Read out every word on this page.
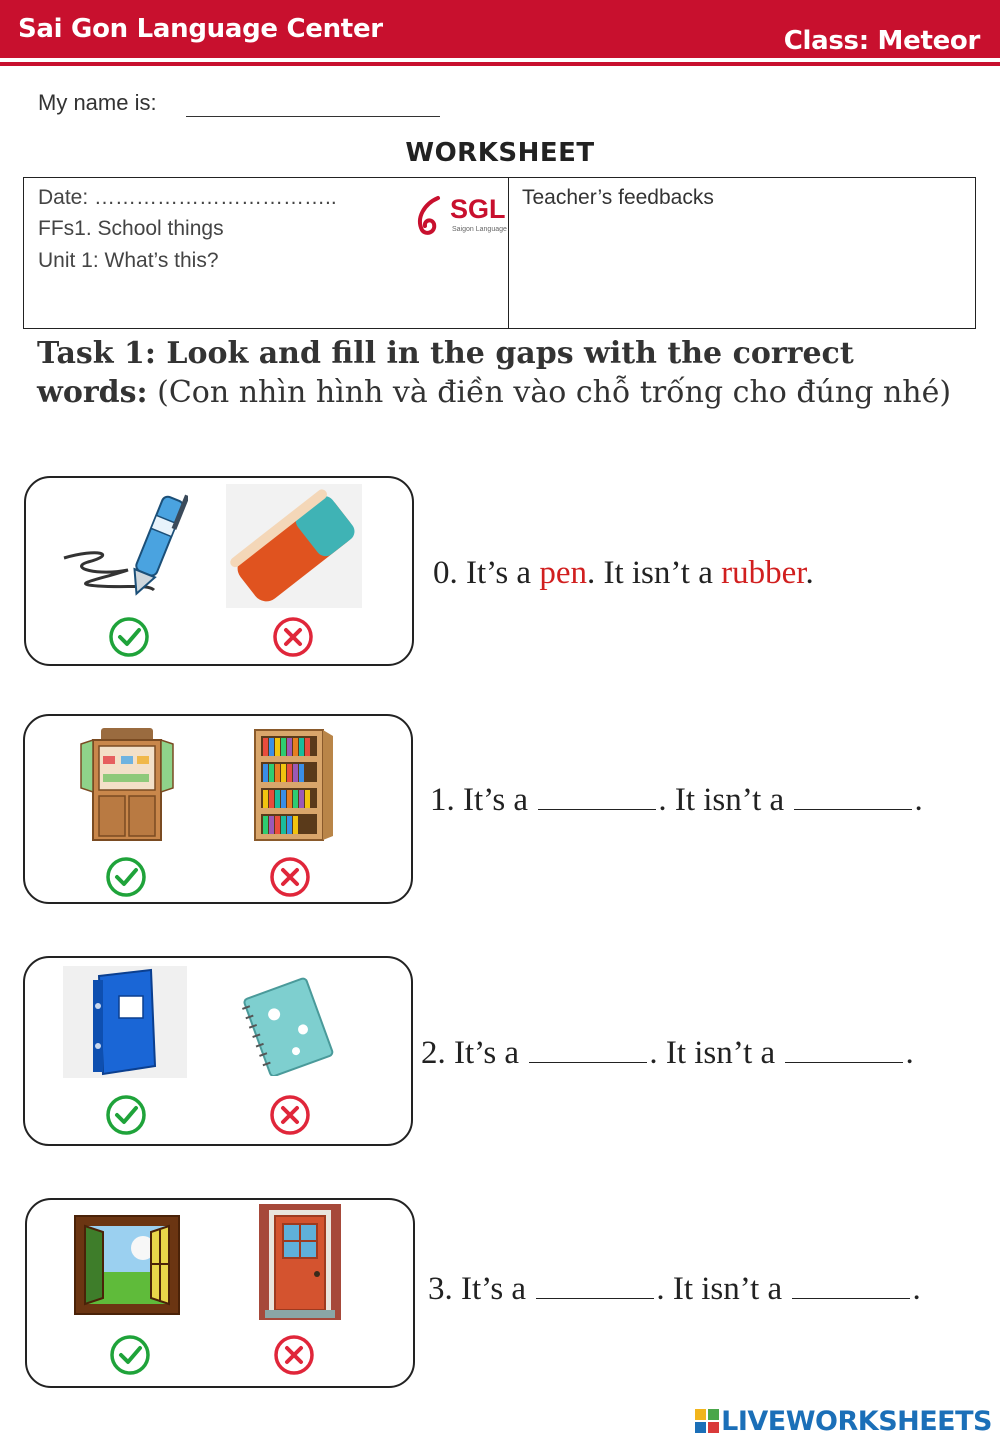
Sai Gon Language Center	Class: Meteor
My name is:
WORKSHEET
Date: ……………………………..
FFs1. School things
Unit 1: What’s this?
Teacher’s feedbacks
SGL
Saigon Language
Task 1: Look and fill in the gaps with the correct words: (Con nhìn hình và điền vào chỗ trống cho đúng nhé)
0. It’s a pen. It isn’t a rubber.
1. It’s a	. It isn’t a	.
2. It’s a	. It isn’t a	.
3. It’s a	. It isn’t a	.
LIVEWORKSHEETS
